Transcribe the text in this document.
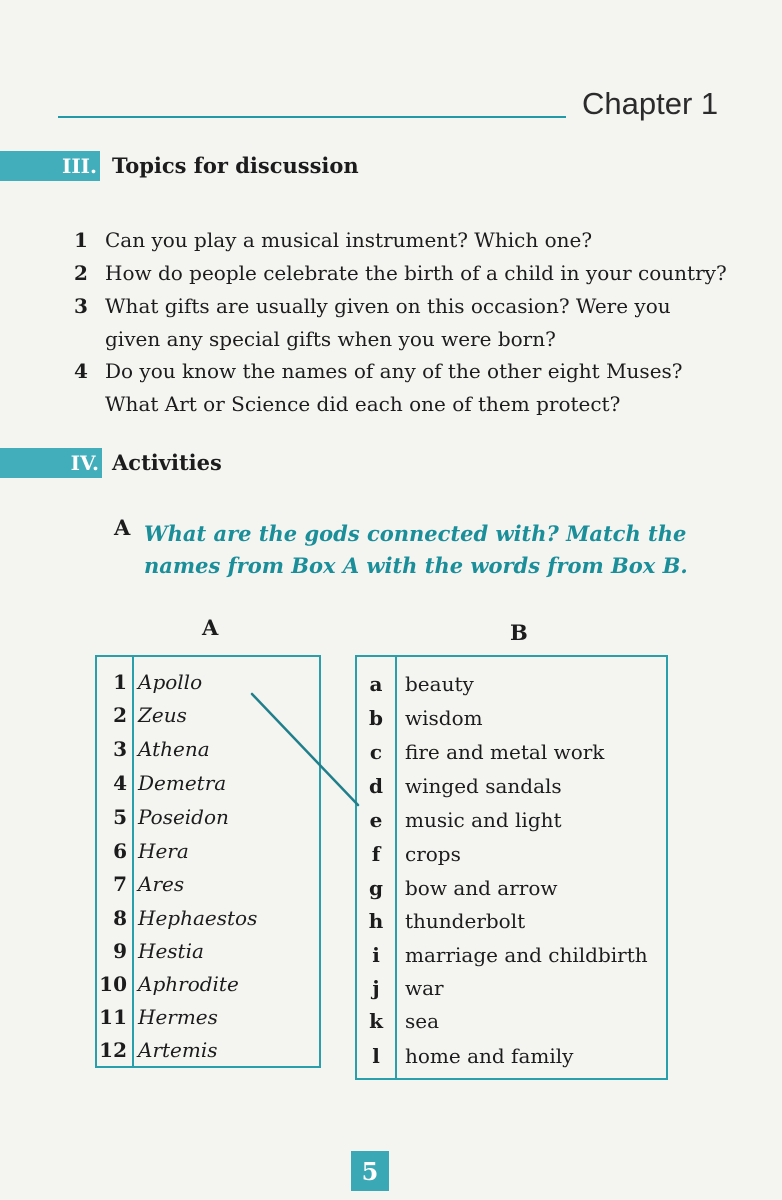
Chapter 1
III. Topics for discussion
1 Can you play a musical instrument? Which one?
2 How do people celebrate the birth of a child in your country?
3 What gifts are usually given on this occasion? Were you given any special gifts when you were born?
4 Do you know the names of any of the other eight Muses? What Art or Science did each one of them protect?
IV. Activities
A What are the gods connected with? Match the names from Box A with the words from Box B.
A	B
1 Apollo
2 Zeus
3 Athena
4 Demetra
5 Poseidon
6 Hera
7 Ares
8 Hephaestos
9 Hestia
10 Aphrodite
11 Hermes
12 Artemis
a	beauty
b	wisdom
c	fire and metal work
d	winged sandals
e	music and light
f	crops
g	bow and arrow
h	thunderbolt
i	marriage and childbirth
j	war
k	sea
l	home and family
5
